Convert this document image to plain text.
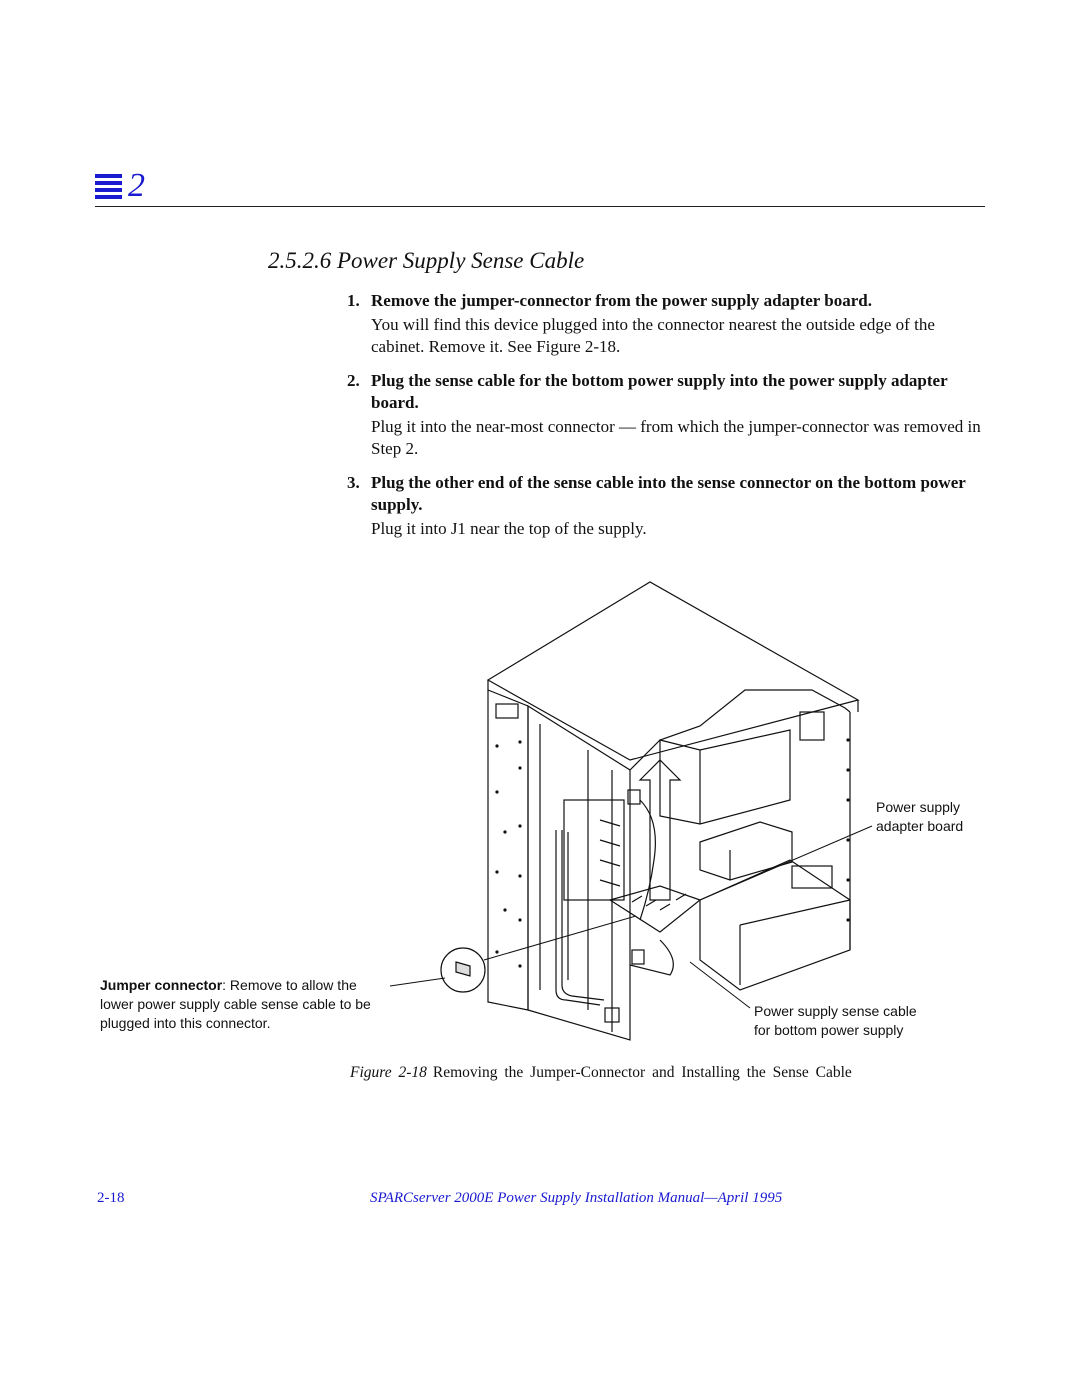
2
2.5.2.6 Power Supply Sense Cable
1. Remove the jumper-connector from the power supply adapter board.
You will find this device plugged into the connector nearest the outside edge of the cabinet. Remove it. See Figure 2-18.
2. Plug the sense cable for the bottom power supply into the power supply adapter board.
Plug it into the near-most connector — from which the jumper-connector was removed in Step 2.
3. Plug the other end of the sense cable into the sense connector on the bottom power supply.
Plug it into J1 near the top of the supply.
Power supply
adapter board
Jumper connector: Remove to allow the
lower power supply cable sense cable to be
plugged into this connector.
Power supply sense cable
for bottom power supply
Figure 2-18 Removing the Jumper-Connector and Installing the Sense Cable
2-18	SPARCserver 2000E Power Supply Installation Manual—April 1995
